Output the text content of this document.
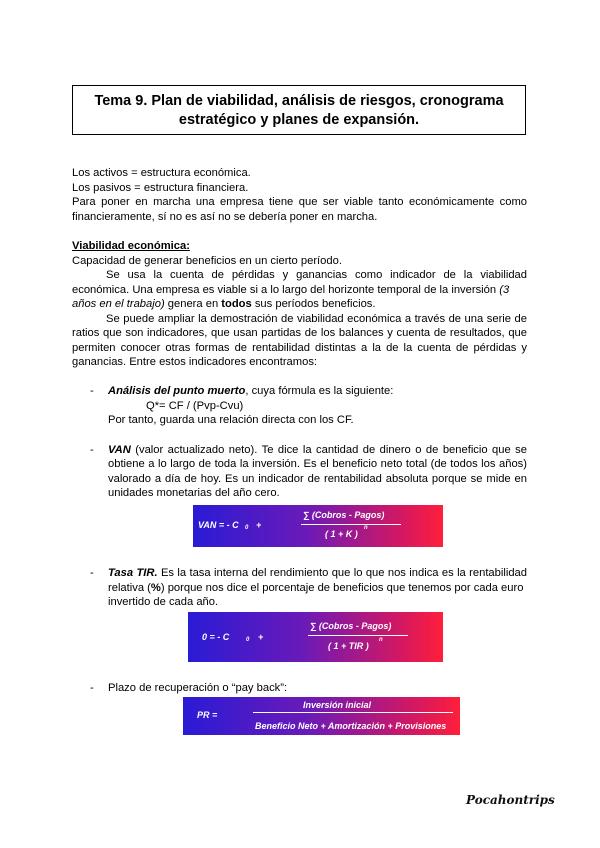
Tema 9. Plan de viabilidad, análisis de riesgos, cronograma
estratégico y planes de expansión.
Los activos = estructura económica.
Los pasivos = estructura financiera.
Para poner en marcha una empresa tiene que ser viable tanto económicamente como
financieramente, sí no es así no se debería poner en marcha.
Viabilidad económica:
Capacidad de generar beneficios en un cierto período.
Se usa la cuenta de pérdidas y ganancias como indicador de la viabilidad
económica. Una empresa es viable si a lo largo del horizonte temporal de la inversión (3
años en el trabajo) genera en todos sus períodos beneficios.
Se puede ampliar la demostración de viabilidad económica a través de una serie de
ratios que son indicadores, que usan partidas de los balances y cuenta de resultados, que
permiten conocer otras formas de rentabilidad distintas a la de la cuenta de pérdidas y
ganancias. Entre estos indicadores encontramos:
- Análisis del punto muerto, cuya fórmula es la siguiente:
Q*= CF / (Pvp-Cvu)
Por tanto, guarda una relación directa con los CF.
- VAN (valor actualizado neto). Te dice la cantidad de dinero o de beneficio que se
obtiene a lo largo de toda la inversión. Es el beneficio neto total (de todos los años)
valorado a día de hoy. Es un indicador de rentabilidad absoluta porque se mide en
unidades monetarias del año cero.
VAN = - C 0 +
∑ (Cobros - Pagos)
( 1 + K )
n
- Tasa TIR. Es la tasa interna del rendimiento que lo que nos indica es la rentabilidad
relativa (%) porque nos dice el porcentaje de beneficios que tenemos por cada euro
invertido de cada año.
0 = - C	0 +
∑ (Cobros - Pagos)
( 1 + TIR )
n
- Plazo de recuperación o “pay back”:
PR =
Inversión inicial
Beneficio Neto + Amortización + Provisiones
Pocahontrips
